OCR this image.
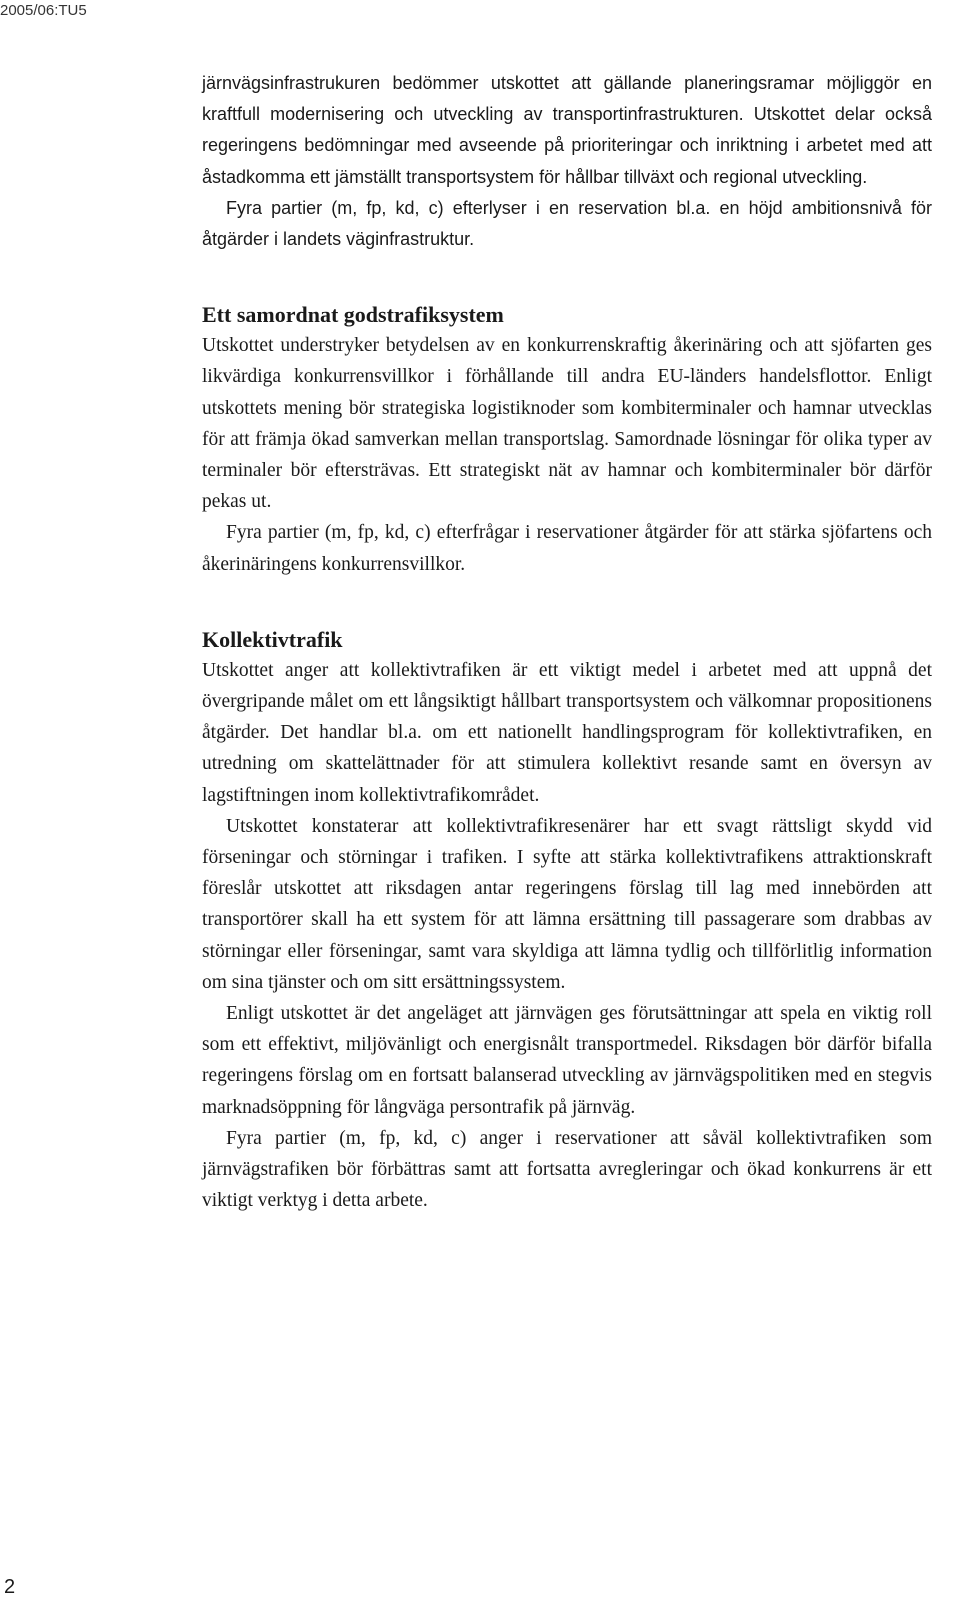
2005/06:TU5

järnvägsinfrastrukuren bedömmer utskottet att gällande planeringsramar möjliggör en kraftfull modernisering och utveckling av transportinfrastrukturen. Utskottet delar också regeringens bedömningar med avseende på prioriteringar och inriktning i arbetet med att åstadkomma ett jämställt transportsystem för hållbar tillväxt och regional utveckling.

Fyra partier (m, fp, kd, c) efterlyser i en reservation bl.a. en höjd ambitionsnivå för åtgärder i landets väginfrastruktur.

Ett samordnat godstrafiksystem

Utskottet understryker betydelsen av en konkurrenskraftig åkerinäring och att sjöfarten ges likvärdiga konkurrensvillkor i förhållande till andra EU-länders handelsflottor. Enligt utskottets mening bör strategiska logistiknoder som kombiterminaler och hamnar utvecklas för att främja ökad samverkan mellan transportslag. Samordnade lösningar för olika typer av terminaler bör eftersträvas. Ett strategiskt nät av hamnar och kombiterminaler bör därför pekas ut.

Fyra partier (m, fp, kd, c) efterfrågar i reservationer åtgärder för att stärka sjöfartens och åkerinäringens konkurrensvillkor.

Kollektivtrafik

Utskottet anger att kollektivtrafiken är ett viktigt medel i arbetet med att uppnå det övergripande målet om ett långsiktigt hållbart transportsystem och välkomnar propositionens åtgärder. Det handlar bl.a. om ett nationellt handlingsprogram för kollektivtrafiken, en utredning om skattelättnader för att stimulera kollektivt resande samt en översyn av lagstiftningen inom kollektivtrafikområdet.

Utskottet konstaterar att kollektivtrafikresenärer har ett svagt rättsligt skydd vid förseningar och störningar i trafiken. I syfte att stärka kollektivtrafikens attraktionskraft föreslår utskottet att riksdagen antar regeringens förslag till lag med innebörden att transportörer skall ha ett system för att lämna ersättning till passagerare som drabbas av störningar eller förseningar, samt vara skyldiga att lämna tydlig och tillförlitlig information om sina tjänster och om sitt ersättningssystem.

Enligt utskottet är det angeläget att järnvägen ges förutsättningar att spela en viktig roll som ett effektivt, miljövänligt och energisnålt transportmedel. Riksdagen bör därför bifalla regeringens förslag om en fortsatt balanserad utveckling av järnvägspolitiken med en stegvis marknadsöppning för långväga persontrafik på järnväg.

Fyra partier (m, fp, kd, c) anger i reservationer att såväl kollektivtrafiken som järnvägstrafiken bör förbättras samt att fortsatta avregleringar och ökad konkurrens är ett viktigt verktyg i detta arbete.

2
